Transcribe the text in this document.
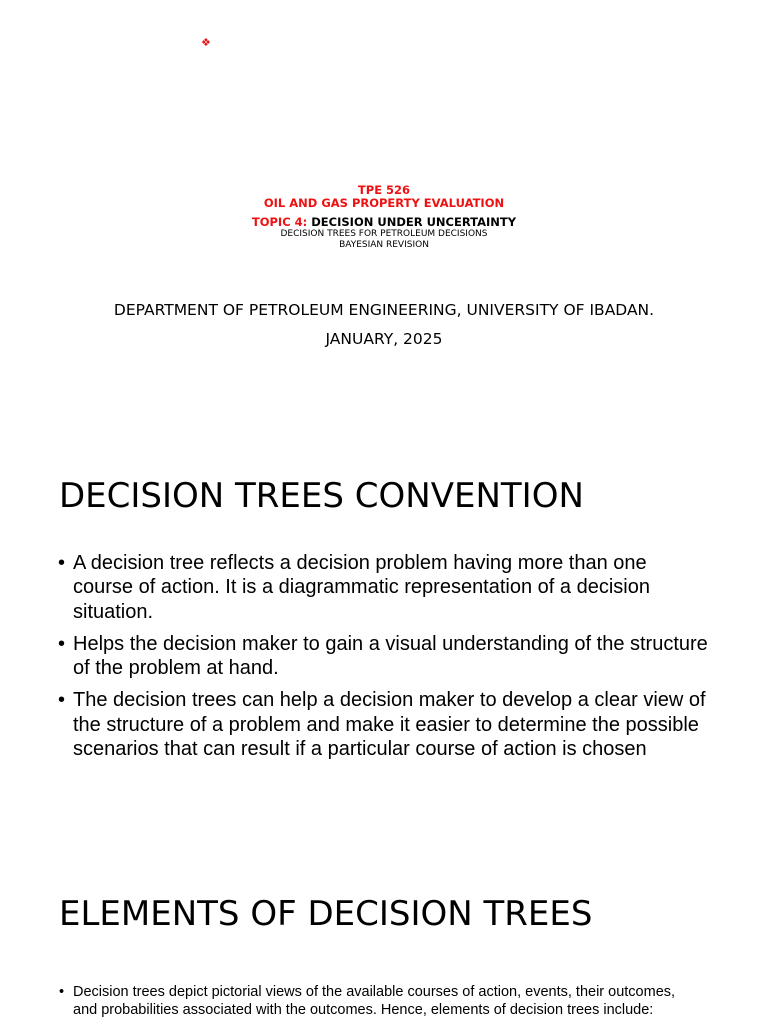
❖
TPE 526
OIL AND GAS PROPERTY EVALUATION
TOPIC 4: DECISION UNDER UNCERTAINTY
DECISION TREES FOR PETROLEUM DECISIONS
BAYESIAN REVISION
DEPARTMENT OF PETROLEUM ENGINEERING, UNIVERSITY OF IBADAN.
JANUARY, 2025
DECISION TREES CONVENTION
• A decision tree reflects a decision problem having more than one course of action. It is a diagrammatic representation of a decision situation.
• Helps the decision maker to gain a visual understanding of the structure of the problem at hand.
• The decision trees can help a decision maker to develop a clear view of the structure of a problem and make it easier to determine the possible scenarios that can result if a particular course of action is chosen
ELEMENTS OF DECISION TREES
• Decision trees depict pictorial views of the available courses of action, events, their outcomes, and probabilities associated with the outcomes. Hence, elements of decision trees include:
